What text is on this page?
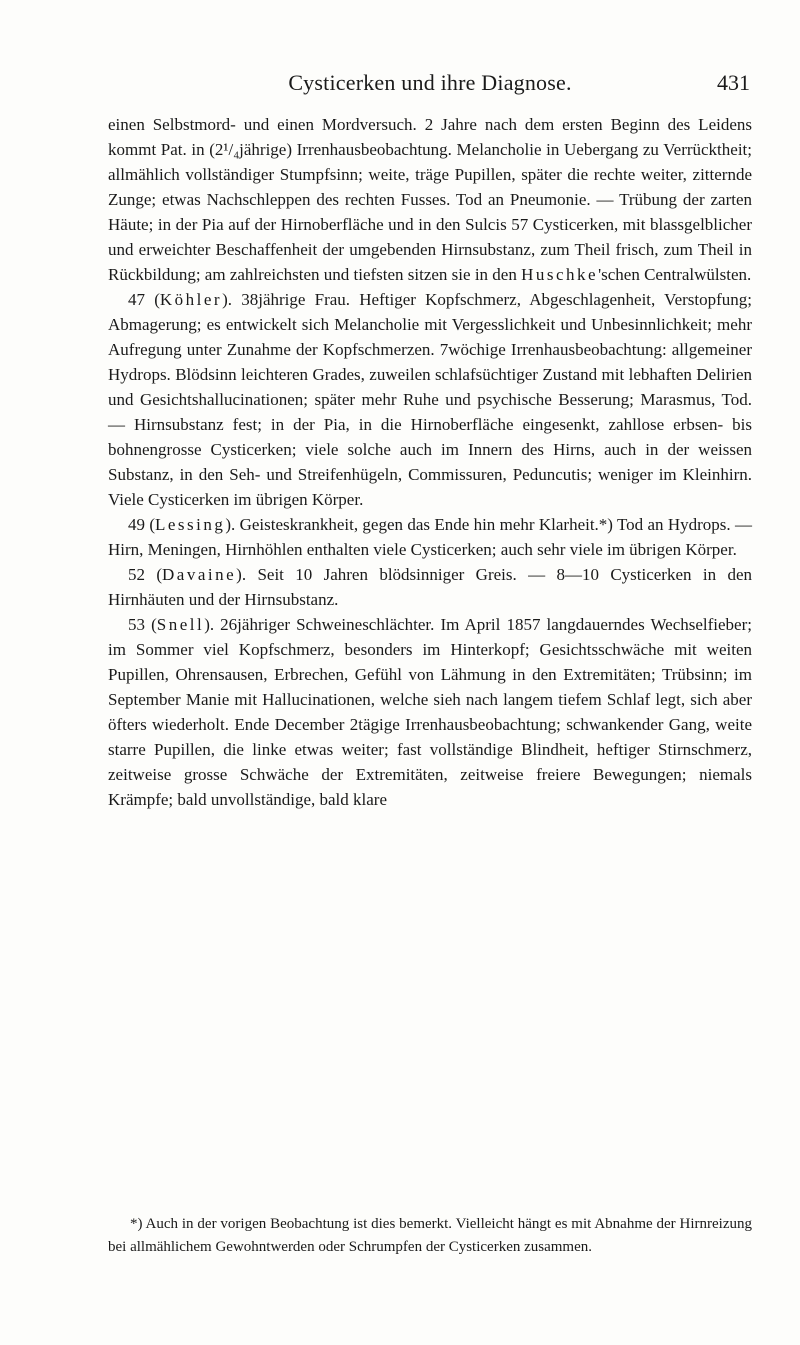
Cysticerken und ihre Diagnose.	431

einen Selbstmord- und einen Mordversuch. 2 Jahre nach dem ersten Beginn des Leidens kommt Pat. in (2¹/₄jährige) Irrenhausbeobachtung. Melancholie in Uebergang zu Verrücktheit; allmählich vollständiger Stumpfsinn; weite, träge Pupillen, später die rechte weiter, zitternde Zunge; etwas Nachschleppen des rechten Fusses. Tod an Pneumonie. — Trübung der zarten Häute; in der Pia auf der Hirnoberfläche und in den Sulcis 57 Cysticerken, mit blassgelblicher und erweichter Beschaffenheit der umgebenden Hirnsubstanz, zum Theil frisch, zum Theil in Rückbildung; am zahlreichsten und tiefsten sitzen sie in den Huschke'schen Centralwülsten.

47 (Köhler). 38jährige Frau. Heftiger Kopfschmerz, Abgeschlagenheit, Verstopfung; Abmagerung; es entwickelt sich Melancholie mit Vergesslichkeit und Unbesinnlichkeit; mehr Aufregung unter Zunahme der Kopfschmerzen. 7wöchige Irrenhausbeobachtung: allgemeiner Hydrops. Blödsinn leichteren Grades, zuweilen schlafsüchtiger Zustand mit lebhaften Delirien und Gesichtshallucinationen; später mehr Ruhe und psychische Besserung; Marasmus, Tod. — Hirnsubstanz fest; in der Pia, in die Hirnoberfläche eingesenkt, zahllose erbsen- bis bohnengrosse Cysticerken; viele solche auch im Innern des Hirns, auch in der weissen Substanz, in den Seh- und Streifenhügeln, Commissuren, Peduncutis; weniger im Kleinhirn. Viele Cysticerken im übrigen Körper.

49 (Lessing). Geisteskrankheit, gegen das Ende hin mehr Klarheit.*) Tod an Hydrops. — Hirn, Meningen, Hirnhöhlen enthalten viele Cysticerken; auch sehr viele im übrigen Körper.

52 (Davaine). Seit 10 Jahren blödsinniger Greis. — 8—10 Cysticerken in den Hirnhäuten und der Hirnsubstanz.

53 (Snell). 26jähriger Schweineschlächter. Im April 1857 langdauerndes Wechselfieber; im Sommer viel Kopfschmerz, besonders im Hinterkopf; Gesichtsschwäche mit weiten Pupillen, Ohrensausen, Erbrechen, Gefühl von Lähmung in den Extremitäten; Trübsinn; im September Manie mit Hallucinationen, welche sieh nach langem tiefem Schlaf legt, sich aber öfters wiederholt. Ende December 2tägige Irrenhausbeobachtung; schwankender Gang, weite starre Pupillen, die linke etwas weiter; fast vollständige Blindheit, heftiger Stirnschmerz, zeitweise grosse Schwäche der Extremitäten, zeitweise freiere Bewegungen; niemals Krämpfe; bald unvollständige, bald klare

*) Auch in der vorigen Beobachtung ist dies bemerkt. Vielleicht hängt es mit Abnahme der Hirnreizung bei allmählichem Gewohntwerden oder Schrumpfen der Cysticerken zusammen.
